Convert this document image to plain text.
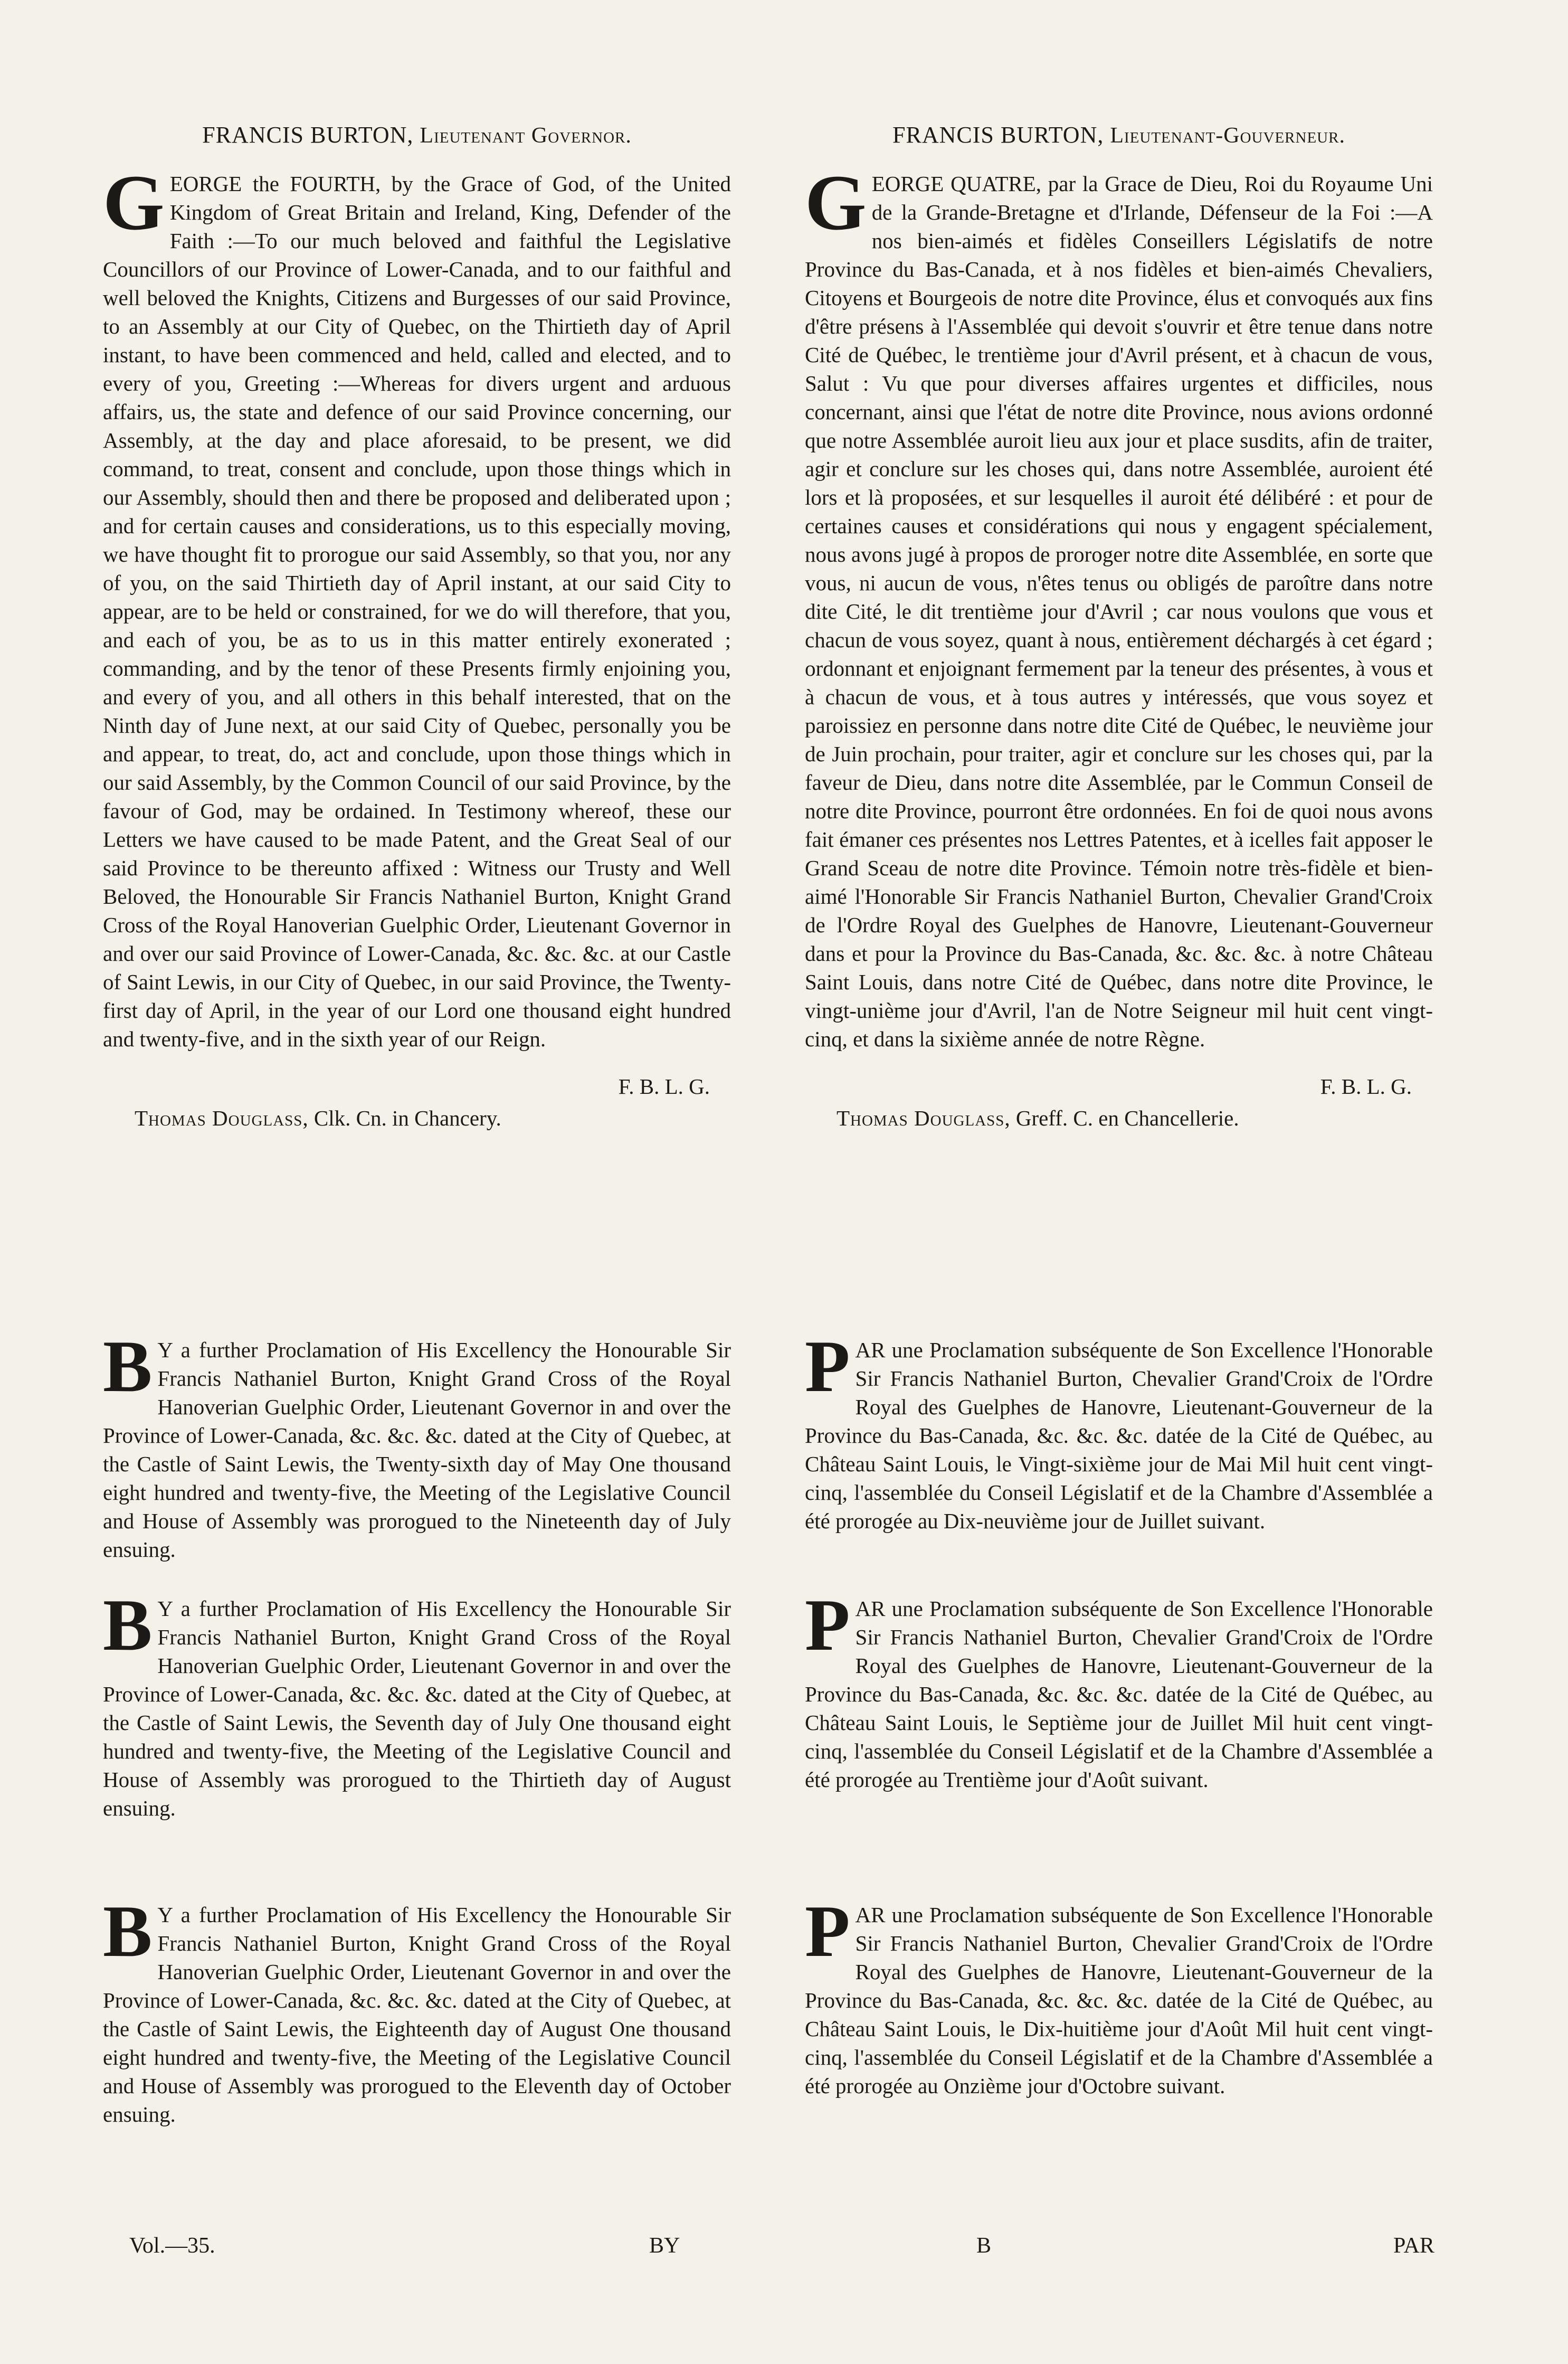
FRANCIS BURTON, Lieutenant Governor.

GEORGE the FOURTH, by the Grace of God, of the United Kingdom of Great Britain and Ireland, King, Defender of the Faith :—To our much beloved and faithful the Legislative Councillors of our Province of Lower-Canada, and to our faithful and well beloved the Knights, Citizens and Burgesses of our said Province, to an Assembly at our City of Quebec, on the Thirtieth day of April instant, to have been commenced and held, called and elected, and to every of you, Greeting :—Whereas for divers urgent and arduous affairs, us, the state and defence of our said Province concerning, our Assembly, at the day and place aforesaid, to be present, we did command, to treat, consent and conclude, upon those things which in our Assembly, should then and there be proposed and deliberated upon ; and for certain causes and considerations, us to this especially moving, we have thought fit to prorogue our said Assembly, so that you, nor any of you, on the said Thirtieth day of April instant, at our said City to appear, are to be held or constrained, for we do will therefore, that you, and each of you, be as to us in this matter entirely exonerated ; commanding, and by the tenor of these Presents firmly enjoining you, and every of you, and all others in this behalf interested, that on the Ninth day of June next, at our said City of Quebec, personally you be and appear, to treat, do, act and conclude, upon those things which in our said Assembly, by the Common Council of our said Province, by the favour of God, may be ordained. In Testimony whereof, these our Letters we have caused to be made Patent, and the Great Seal of our said Province to be thereunto affixed : Witness our Trusty and Well Beloved, the Honourable Sir Francis Nathaniel Burton, Knight Grand Cross of the Royal Hanoverian Guelphic Order, Lieutenant Governor in and over our said Province of Lower-Canada, &c. &c. &c. at our Castle of Saint Lewis, in our City of Quebec, in our said Province, the Twenty-first day of April, in the year of our Lord one thousand eight hundred and twenty-five, and in the sixth year of our Reign.

F. B. L. G.
Thomas Douglass, Clk. Cn. in Chancery.

B Y a further Proclamation of His Excellency the Honourable Sir Francis Nathaniel Burton, Knight Grand Cross of the Royal Hanoverian Guelphic Order, Lieutenant Governor in and over the Province of Lower-Canada, &c. &c. &c. dated at the City of Quebec, at the Castle of Saint Lewis, the Twenty-sixth day of May One thousand eight hundred and twenty-five, the Meeting of the Legislative Council and House of Assembly was prorogued to the Nineteenth day of July ensuing.

B Y a further Proclamation of His Excellency the Honourable Sir Francis Nathaniel Burton, Knight Grand Cross of the Royal Hanoverian Guelphic Order, Lieutenant Governor in and over the Province of Lower-Canada, &c. &c. &c. dated at the City of Quebec, at the Castle of Saint Lewis, the Seventh day of July One thousand eight hundred and twenty-five, the Meeting of the Legislative Council and House of Assembly was prorogued to the Thirtieth day of August ensuing.

B Y a further Proclamation of His Excellency the Honourable Sir Francis Nathaniel Burton, Knight Grand Cross of the Royal Hanoverian Guelphic Order, Lieutenant Governor in and over the Province of Lower-Canada, &c. &c. &c. dated at the City of Quebec, at the Castle of Saint Lewis, the Eighteenth day of August One thousand eight hundred and twenty-five, the Meeting of the Legislative Council and House of Assembly was prorogued to the Eleventh day of October ensuing.

FRANCIS BURTON, Lieutenant-Gouverneur.

GEORGE QUATRE, par la Grace de Dieu, Roi du Royaume Uni de la Grande-Bretagne et d'Irlande, Défenseur de la Foi :—A nos bien-aimés et fidèles Conseillers Législatifs de notre Province du Bas-Canada, et à nos fidèles et bien-aimés Chevaliers, Citoyens et Bourgeois de notre dite Province, élus et convoqués aux fins d'être présens à l'Assemblée qui devoit s'ouvrir et être tenue dans notre Cité de Québec, le trentième jour d'Avril présent, et à chacun de vous, Salut : Vu que pour diverses affaires urgentes et difficiles, nous concernant, ainsi que l'état de notre dite Province, nous avions ordonné que notre Assemblée auroit lieu aux jour et place susdits, afin de traiter, agir et conclure sur les choses qui, dans notre Assemblée, auroient été lors et là proposées, et sur lesquelles il auroit été délibéré : et pour de certaines causes et considérations qui nous y engagent spécialement, nous avons jugé à propos de proroger notre dite Assemblée, en sorte que vous, ni aucun de vous, n'êtes tenus ou obligés de paroître dans notre dite Cité, le dit trentième jour d'Avril ; car nous voulons que vous et chacun de vous soyez, quant à nous, entièrement déchargés à cet égard ; ordonnant et enjoignant fermement par la teneur des présentes, à vous et à chacun de vous, et à tous autres y intéressés, que vous soyez et paroissiez en personne dans notre dite Cité de Québec, le neuvième jour de Juin prochain, pour traiter, agir et conclure sur les choses qui, par la faveur de Dieu, dans notre dite Assemblée, par le Commun Conseil de notre dite Province, pourront être ordonnées. En foi de quoi nous avons fait émaner ces présentes nos Lettres Patentes, et à icelles fait apposer le Grand Sceau de notre dite Province. Témoin notre très-fidèle et bien-aimé l'Honorable Sir Francis Nathaniel Burton, Chevalier Grand'Croix de l'Ordre Royal des Guelphes de Hanovre, Lieutenant-Gouverneur dans et pour la Province du Bas-Canada, &c. &c. &c. à notre Château Saint Louis, dans notre Cité de Québec, dans notre dite Province, le vingt-unième jour d'Avril, l'an de Notre Seigneur mil huit cent vingt-cinq, et dans la sixième année de notre Règne.

F. B. L. G.
Thomas Douglass, Greff. C. en Chancellerie.

PAR une Proclamation subséquente de Son Excellence l'Honorable Sir Francis Nathaniel Burton, Chevalier Grand'Croix de l'Ordre Royal des Guelphes de Hanovre, Lieutenant-Gouverneur de la Province du Bas-Canada, &c. &c. &c. datée de la Cité de Québec, au Château Saint Louis, le Vingt-sixième jour de Mai Mil huit cent vingt-cinq, l'assemblée du Conseil Législatif et de la Chambre d'Assemblée a été prorogée au Dix-neuvième jour de Juillet suivant.

PAR une Proclamation subséquente de Son Excellence l'Honorable Sir Francis Nathaniel Burton, Chevalier Grand'Croix de l'Ordre Royal des Guelphes de Hanovre, Lieutenant-Gouverneur de la Province du Bas-Canada, &c. &c. &c. datée de la Cité de Québec, au Château Saint Louis, le Septième jour de Juillet Mil huit cent vingt-cinq, l'assemblée du Conseil Législatif et de la Chambre d'Assemblée a été prorogée au Trentième jour d'Août suivant.

PAR une Proclamation subséquente de Son Excellence l'Honorable Sir Francis Nathaniel Burton, Chevalier Grand'Croix de l'Ordre Royal des Guelphes de Hanovre, Lieutenant-Gouverneur de la Province du Bas-Canada, &c. &c. &c. datée de la Cité de Québec, au Château Saint Louis, le Dix-huitième jour d'Août Mil huit cent vingt-cinq, l'assemblée du Conseil Législatif et de la Chambre d'Assemblée a été prorogée au Onzième jour d'Octobre suivant.

Vol.—35.	BY	B	PAR
